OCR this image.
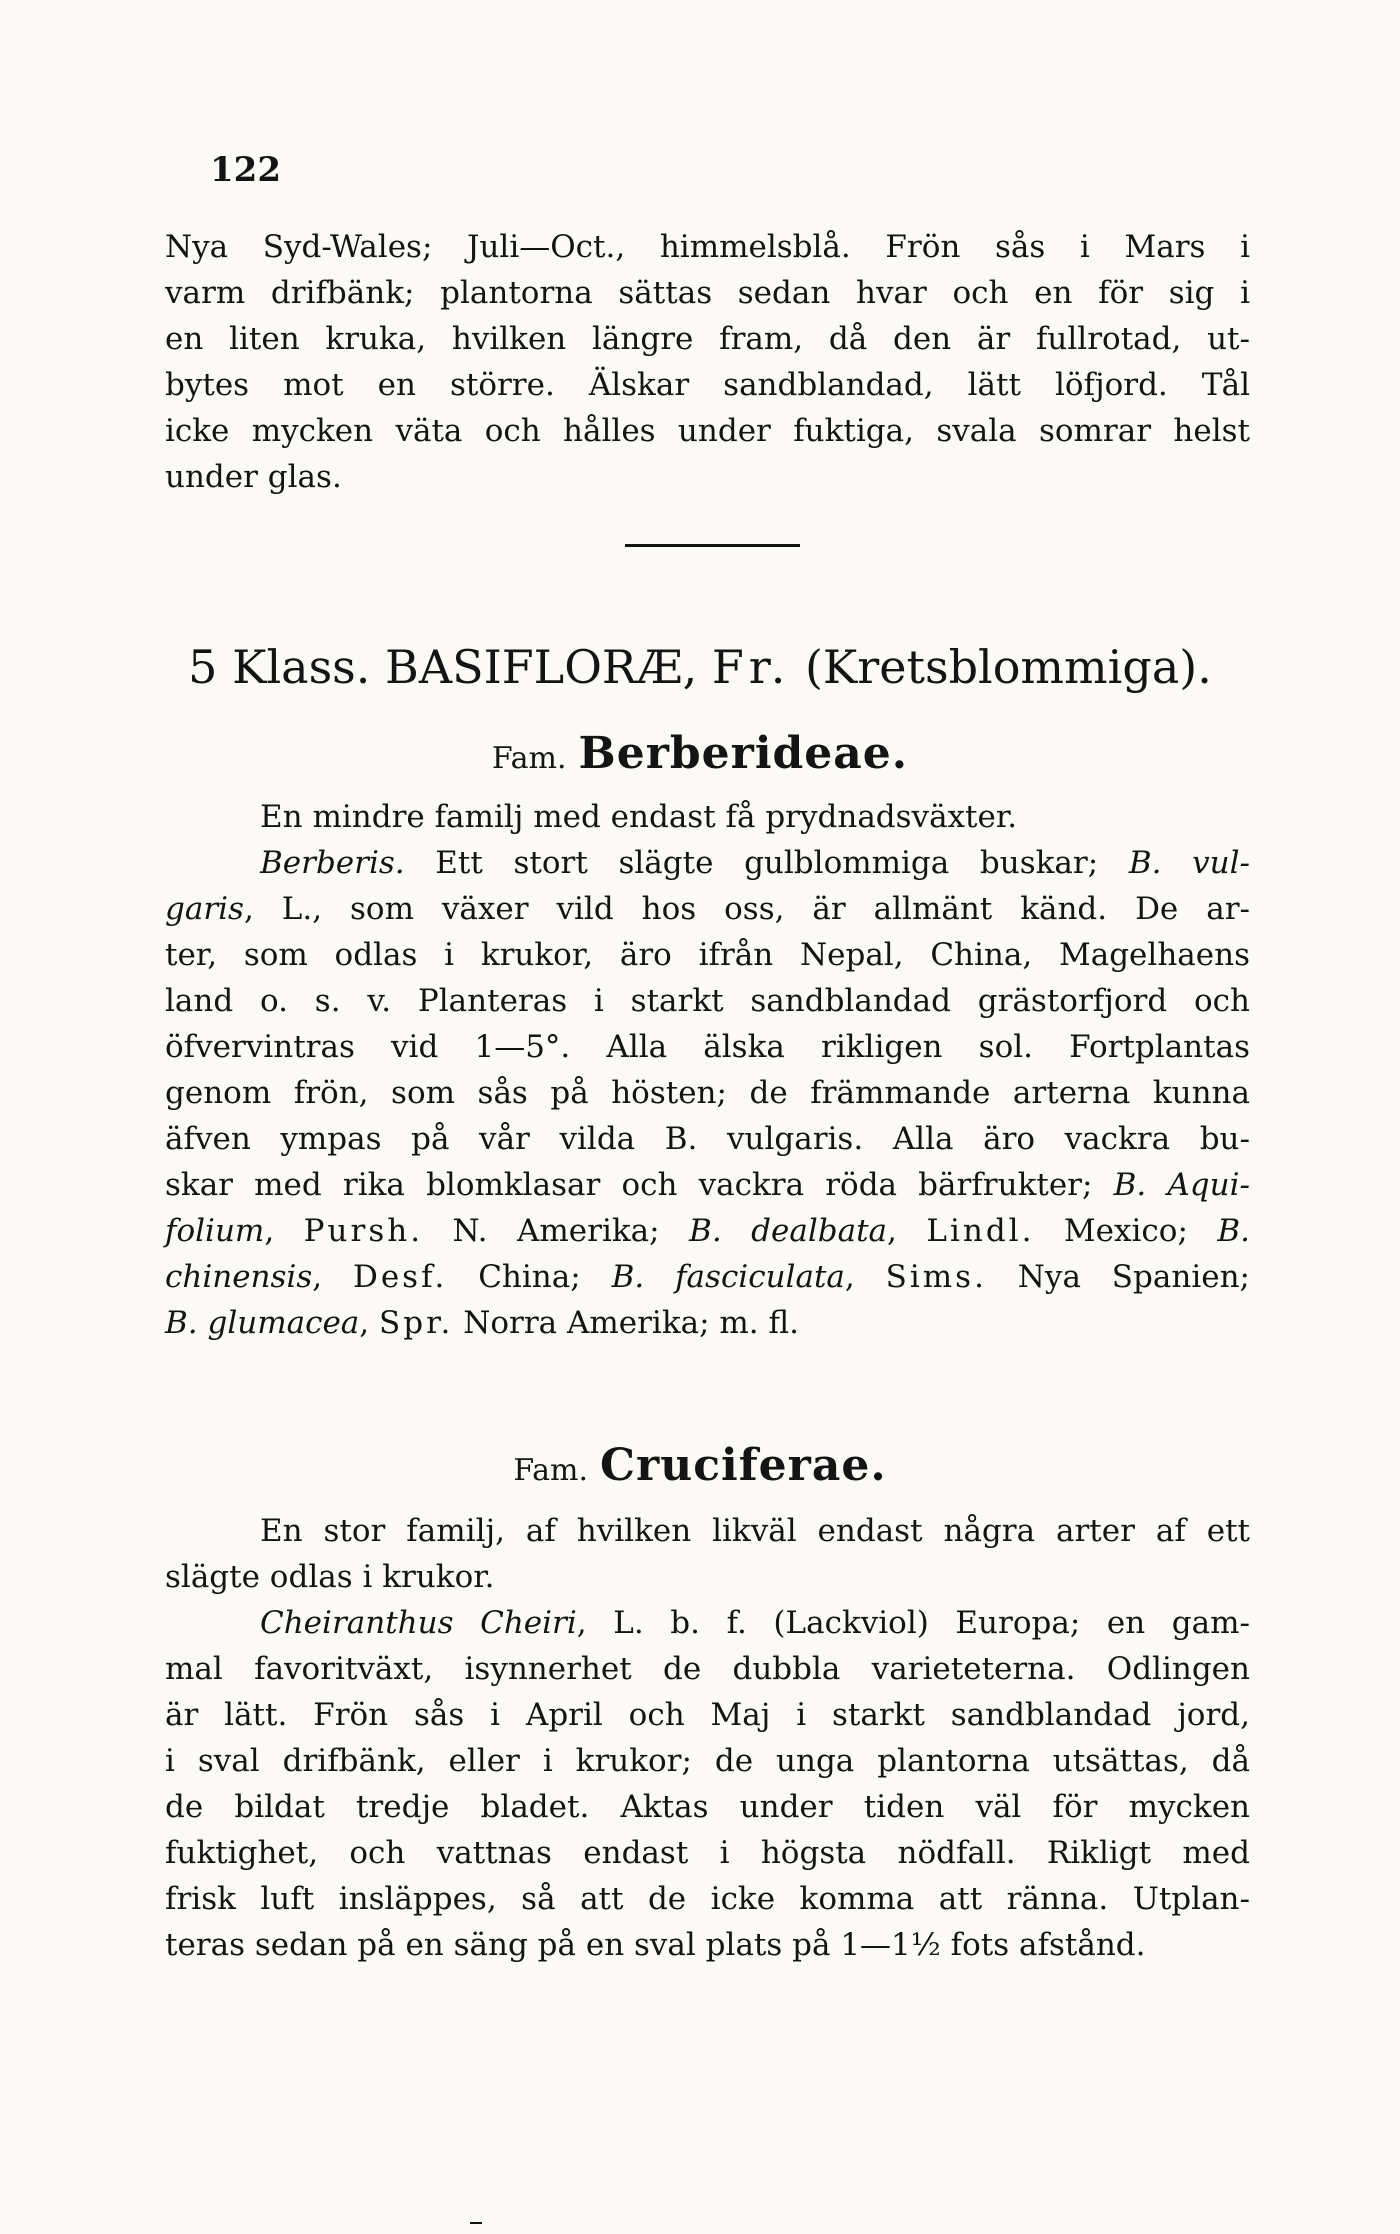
122
Nya Syd-Wales; Juli—Oct., himmelsblå. Frön sås i Mars i
varm drifbänk; plantorna sättas sedan hvar och en för sig i
en liten kruka, hvilken längre fram, då den är fullrotad, ut-
bytes mot en större. Älskar sandblandad, lätt löfjord. Tål
icke mycken väta och hålles under fuktiga, svala somrar helst
under glas.
5 Klass. BASIFLORÆ, Fr. (Kretsblommiga).
Fam. Berberideae.
En mindre familj med endast få prydnadsväxter.
Berberis. Ett stort slägte gulblommiga buskar; B. vul-
garis, L., som växer vild hos oss, är allmänt känd. De ar-
ter, som odlas i krukor, äro ifrån Nepal, China, Magelhaens
land o. s. v. Planteras i starkt sandblandad grästorfjord och
öfvervintras vid 1—5°. Alla älska rikligen sol. Fortplantas
genom frön, som sås på hösten; de främmande arterna kunna
äfven ympas på vår vilda B. vulgaris. Alla äro vackra bu-
skar med rika blomklasar och vackra röda bärfrukter; B. Aqui-
folium, Pursh. N. Amerika; B. dealbata, Lindl. Mexico; B.
chinensis, Desf. China; B. fasciculata, Sims. Nya Spanien;
B. glumacea, Spr. Norra Amerika; m. fl.
Fam. Cruciferae.
En stor familj, af hvilken likväl endast några arter af ett
slägte odlas i krukor.
Cheiranthus Cheiri, L. b. f. (Lackviol) Europa; en gam-
mal favoritväxt, isynnerhet de dubbla varieteterna. Odlingen
är lätt. Frön sås i April och Maj i starkt sandblandad jord,
i sval drifbänk, eller i krukor; de unga plantorna utsättas, då
de bildat tredje bladet. Aktas under tiden väl för mycken
fuktighet, och vattnas endast i högsta nödfall. Rikligt med
frisk luft insläppes, så att de icke komma att ränna. Utplan-
teras sedan på en säng på en sval plats på 1—1½ fots afstånd.
